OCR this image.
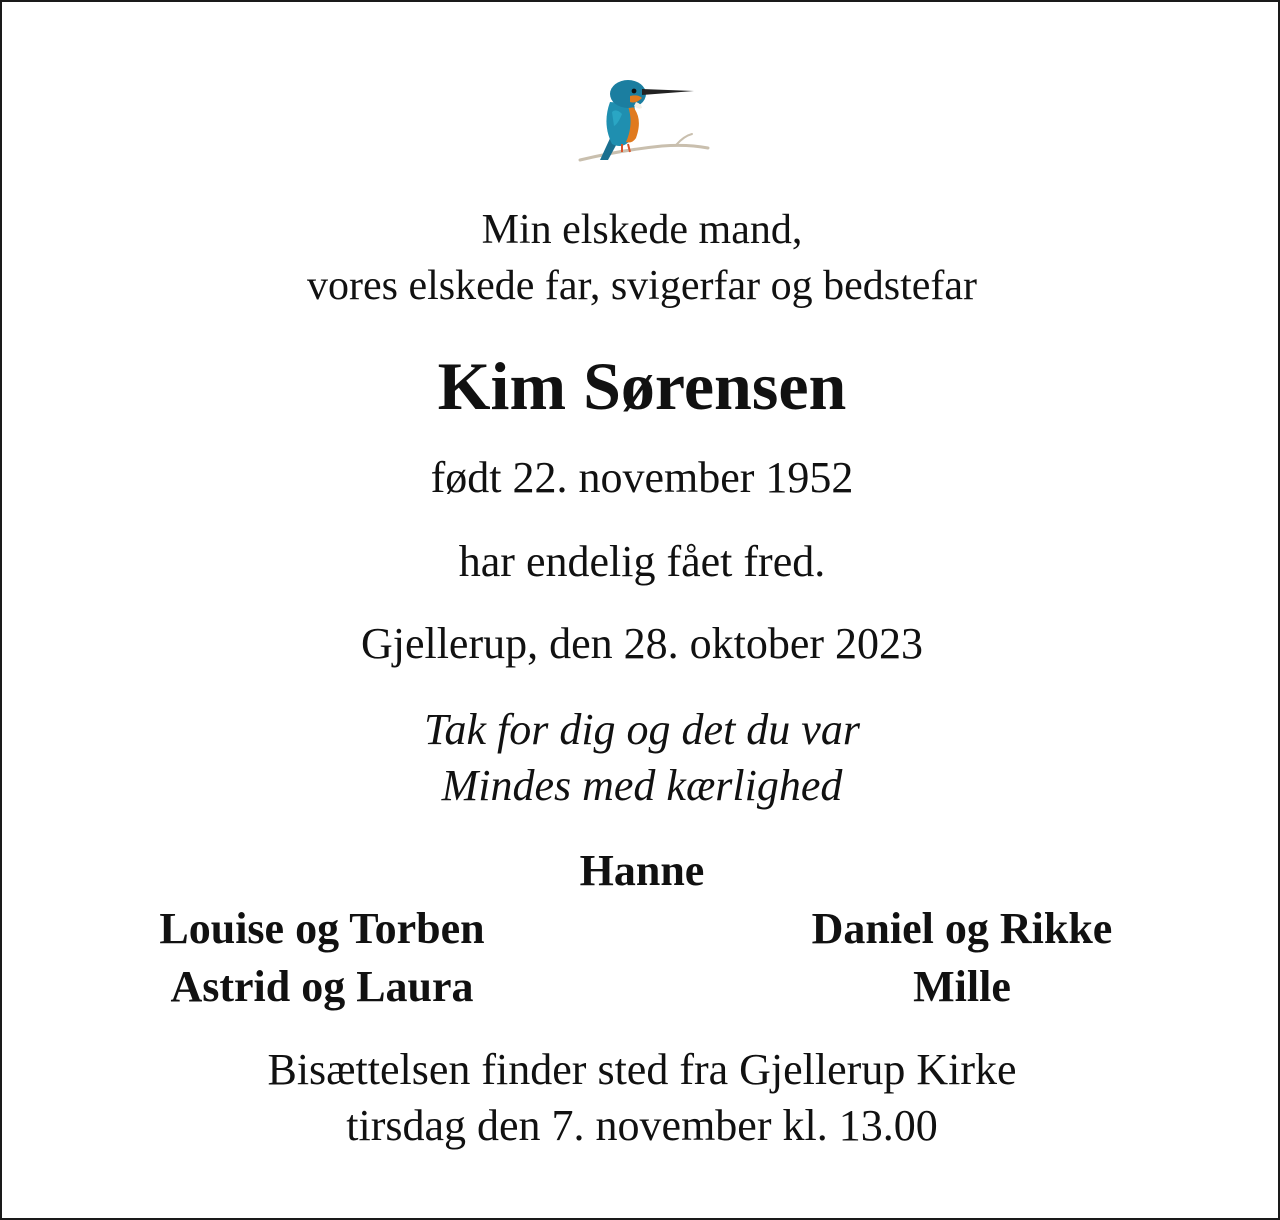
Min elskede mand,
vores elskede far, svigerfar og bedstefar
Kim Sørensen
født 22. november 1952
har endelig fået fred.
Gjellerup, den 28. oktober 2023
Tak for dig og det du var
Mindes med kærlighed
Hanne
Louise og Torben
Astrid og Laura
Daniel og Rikke
Mille
Bisættelsen finder sted fra Gjellerup Kirke
tirsdag den 7. november kl. 13.00
